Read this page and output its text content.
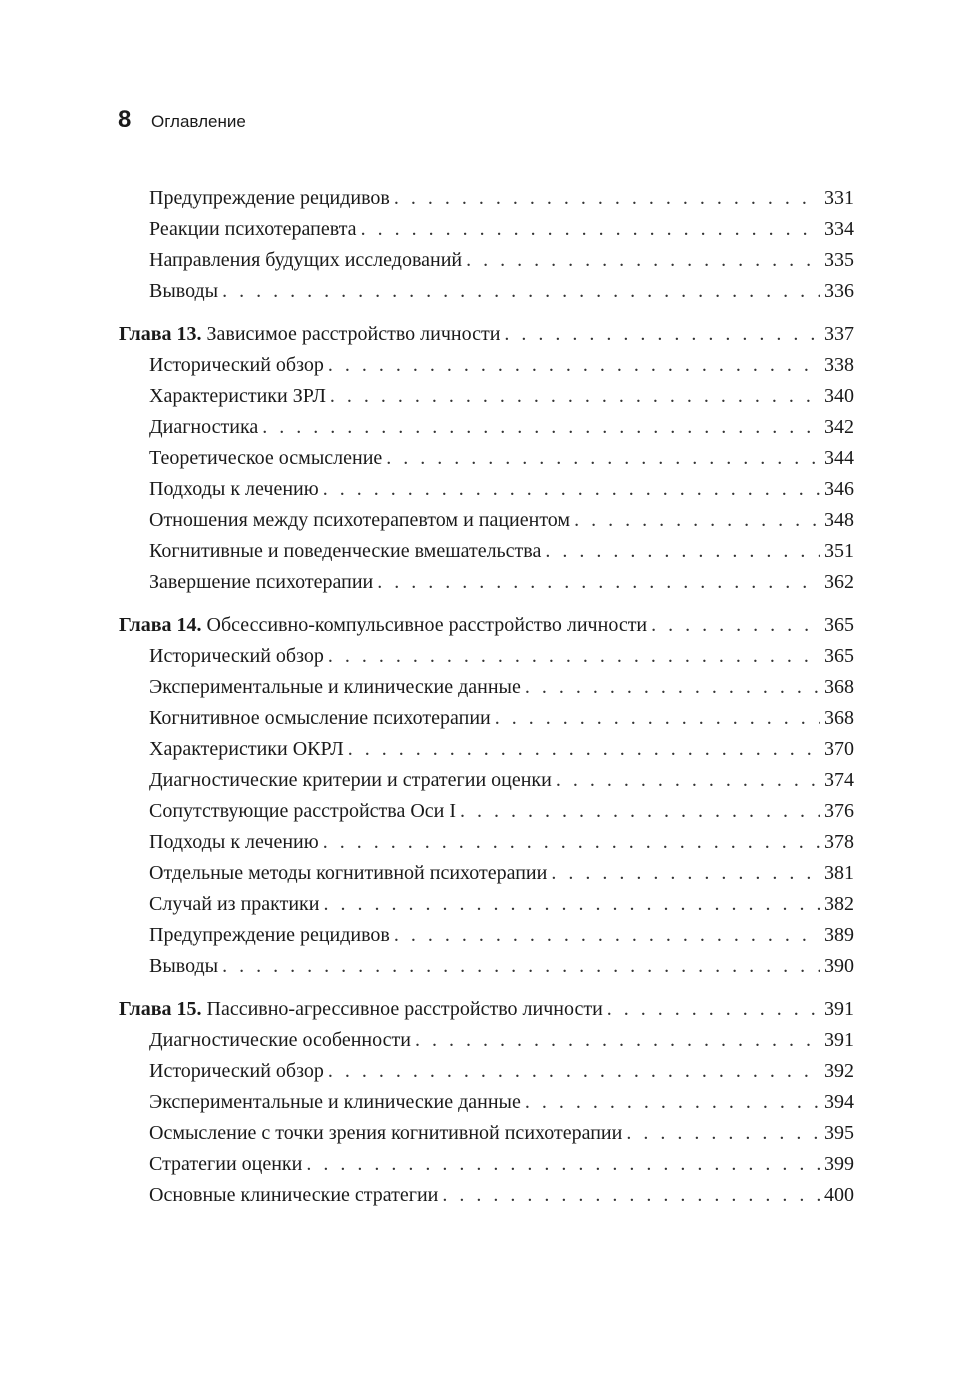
8	Оглавление
Предупреждение рецидивов . . .	331
Реакции психотерапевта . . .	334
Направления будущих исследований . . .	335
Выводы . . .	336
Глава 13. Зависимое расстройство личности . . .	337
Исторический обзор . . .	338
Характеристики ЗРЛ . . .	340
Диагностика . . .	342
Теоретическое осмысление . . .	344
Подходы к лечению . . .	346
Отношения между психотерапевтом и пациентом . . .	348
Когнитивные и поведенческие вмешательства . . .	351
Завершение психотерапии . . .	362
Глава 14. Обсессивно-компульсивное расстройство личности . . .	365
Исторический обзор . . .	365
Экспериментальные и клинические данные . . .	368
Когнитивное осмысление психотерапии . . .	368
Характеристики ОКРЛ . . .	370
Диагностические критерии и стратегии оценки . . .	374
Сопутствующие расстройства Оси I . . .	376
Подходы к лечению . . .	378
Отдельные методы когнитивной психотерапии . . .	381
Случай из практики . . .	382
Предупреждение рецидивов . . .	389
Выводы . . .	390
Глава 15. Пассивно-агрессивное расстройство личности . . .	391
Диагностические особенности . . .	391
Исторический обзор . . .	392
Экспериментальные и клинические данные . . .	394
Осмысление с точки зрения когнитивной психотерапии . . .	395
Стратегии оценки . . .	399
Основные клинические стратегии . . .	400
